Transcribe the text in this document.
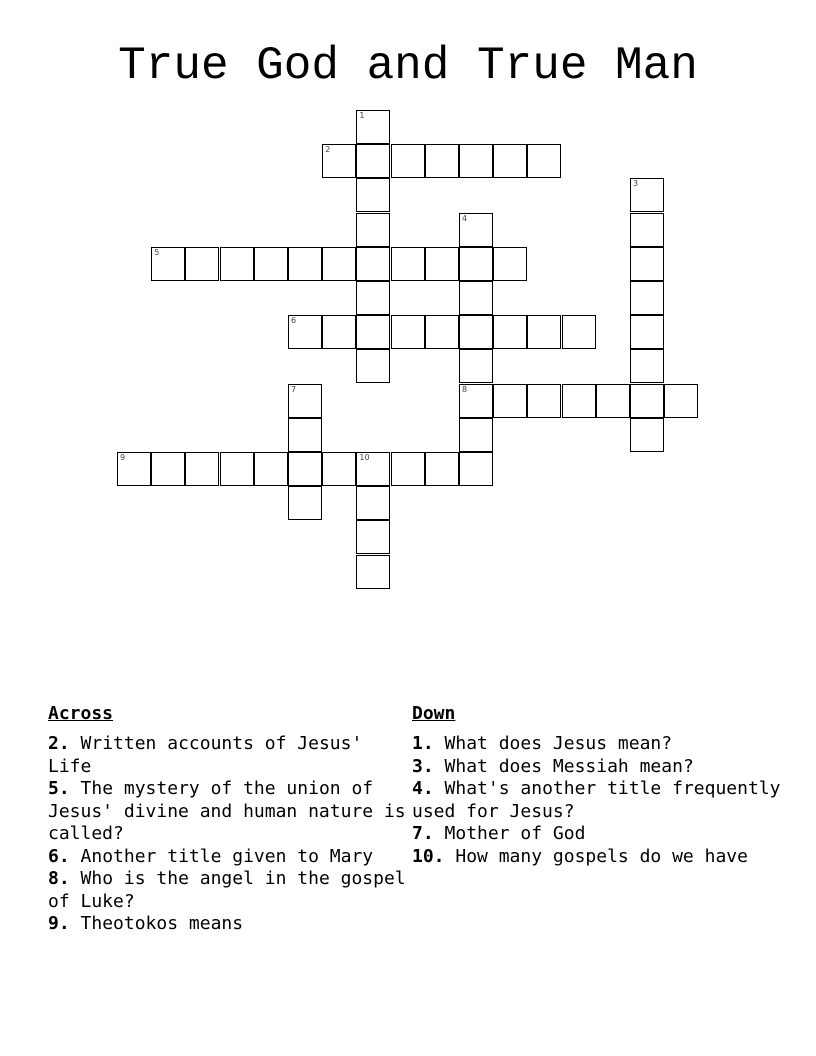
True God and True Man
1
2
3
4
8
5
6
7
9	10
Across

2. Written accounts of Jesus' Life

5. The mystery of the union of Jesus' divine and human nature is called?

6. Another title given to Mary

8. Who is the angel in the gospel of Luke?

9. Theotokos means

Down

1. What does Jesus mean?

3. What does Messiah mean?

4. What's another title frequently used for Jesus?

7. Mother of God

10. How many gospels do we have
